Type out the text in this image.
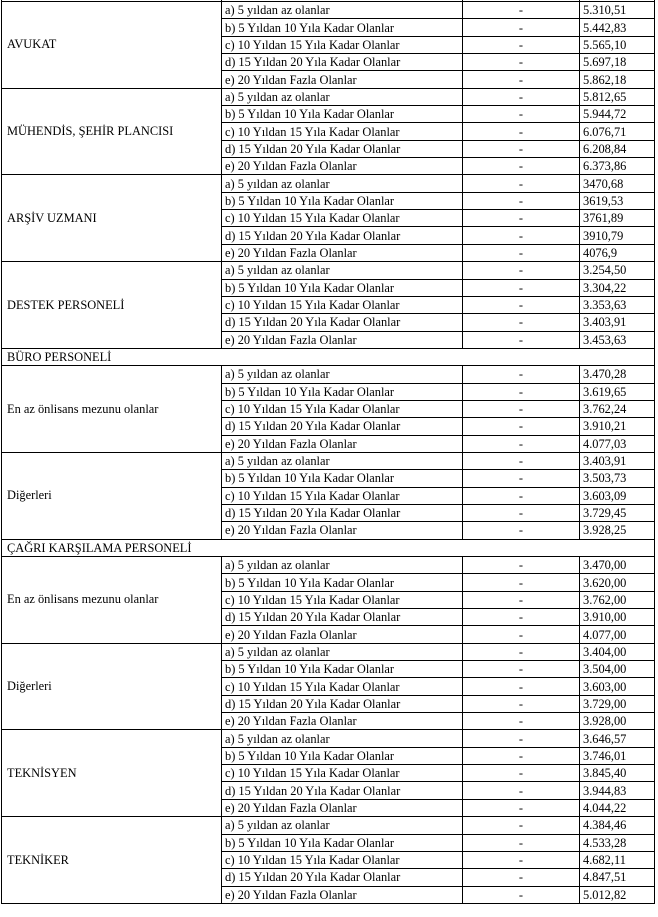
AVUKAT	a) 5 yıldan az olanlar	-	5.310,51
	b) 5 Yıldan 10 Yıla Kadar Olanlar	-	5.442,83
	c) 10 Yıldan 15 Yıla Kadar Olanlar	-	5.565,10
	d) 15 Yıldan 20 Yıla Kadar Olanlar	-	5.697,18
	e) 20 Yıldan Fazla Olanlar	-	5.862,18
MÜHENDİS, ŞEHİR PLANCISI	a) 5 yıldan az olanlar	-	5.812,65
	b) 5 Yıldan 10 Yıla Kadar Olanlar	-	5.944,72
	c) 10 Yıldan 15 Yıla Kadar Olanlar	-	6.076,71
	d) 15 Yıldan 20 Yıla Kadar Olanlar	-	6.208,84
	e) 20 Yıldan Fazla Olanlar	-	6.373,86
ARŞİV UZMANI	a) 5 yıldan az olanlar	-	3470,68
	b) 5 Yıldan 10 Yıla Kadar Olanlar	-	3619,53
	c) 10 Yıldan 15 Yıla Kadar Olanlar	-	3761,89
	d) 15 Yıldan 20 Yıla Kadar Olanlar	-	3910,79
	e) 20 Yıldan Fazla Olanlar	-	4076,9
DESTEK PERSONELİ	a) 5 yıldan az olanlar	-	3.254,50
	b) 5 Yıldan 10 Yıla Kadar Olanlar	-	3.304,22
	c) 10 Yıldan 15 Yıla Kadar Olanlar	-	3.353,63
	d) 15 Yıldan 20 Yıla Kadar Olanlar	-	3.403,91
	e) 20 Yıldan Fazla Olanlar	-	3.453,63
BÜRO PERSONELİ			
En az önlisans mezunu olanlar	a) 5 yıldan az olanlar	-	3.470,28
	b) 5 Yıldan 10 Yıla Kadar Olanlar	-	3.619,65
	c) 10 Yıldan 15 Yıla Kadar Olanlar	-	3.762,24
	d) 15 Yıldan 20 Yıla Kadar Olanlar	-	3.910,21
	e) 20 Yıldan Fazla Olanlar	-	4.077,03
Diğerleri	a) 5 yıldan az olanlar	-	3.403,91
	b) 5 Yıldan 10 Yıla Kadar Olanlar	-	3.503,73
	c) 10 Yıldan 15 Yıla Kadar Olanlar	-	3.603,09
	d) 15 Yıldan 20 Yıla Kadar Olanlar	-	3.729,45
	e) 20 Yıldan Fazla Olanlar	-	3.928,25
ÇAĞRI KARŞILAMA PERSONELİ			
En az önlisans mezunu olanlar	a) 5 yıldan az olanlar	-	3.470,00
	b) 5 Yıldan 10 Yıla Kadar Olanlar	-	3.620,00
	c) 10 Yıldan 15 Yıla Kadar Olanlar	-	3.762,00
	d) 15 Yıldan 20 Yıla Kadar Olanlar	-	3.910,00
	e) 20 Yıldan Fazla Olanlar	-	4.077,00
Diğerleri	a) 5 yıldan az olanlar	-	3.404,00
	b) 5 Yıldan 10 Yıla Kadar Olanlar	-	3.504,00
	c) 10 Yıldan 15 Yıla Kadar Olanlar	-	3.603,00
	d) 15 Yıldan 20 Yıla Kadar Olanlar	-	3.729,00
	e) 20 Yıldan Fazla Olanlar	-	3.928,00
TEKNİSYEN	a) 5 yıldan az olanlar	-	3.646,57
	b) 5 Yıldan 10 Yıla Kadar Olanlar	-	3.746,01
	c) 10 Yıldan 15 Yıla Kadar Olanlar	-	3.845,40
	d) 15 Yıldan 20 Yıla Kadar Olanlar	-	3.944,83
	e) 20 Yıldan Fazla Olanlar	-	4.044,22
TEKNİKER	a) 5 yıldan az olanlar	-	4.384,46
	b) 5 Yıldan 10 Yıla Kadar Olanlar	-	4.533,28
	c) 10 Yıldan 15 Yıla Kadar Olanlar	-	4.682,11
	d) 15 Yıldan 20 Yıla Kadar Olanlar	-	4.847,51
	e) 20 Yıldan Fazla Olanlar	-	5.012,82
